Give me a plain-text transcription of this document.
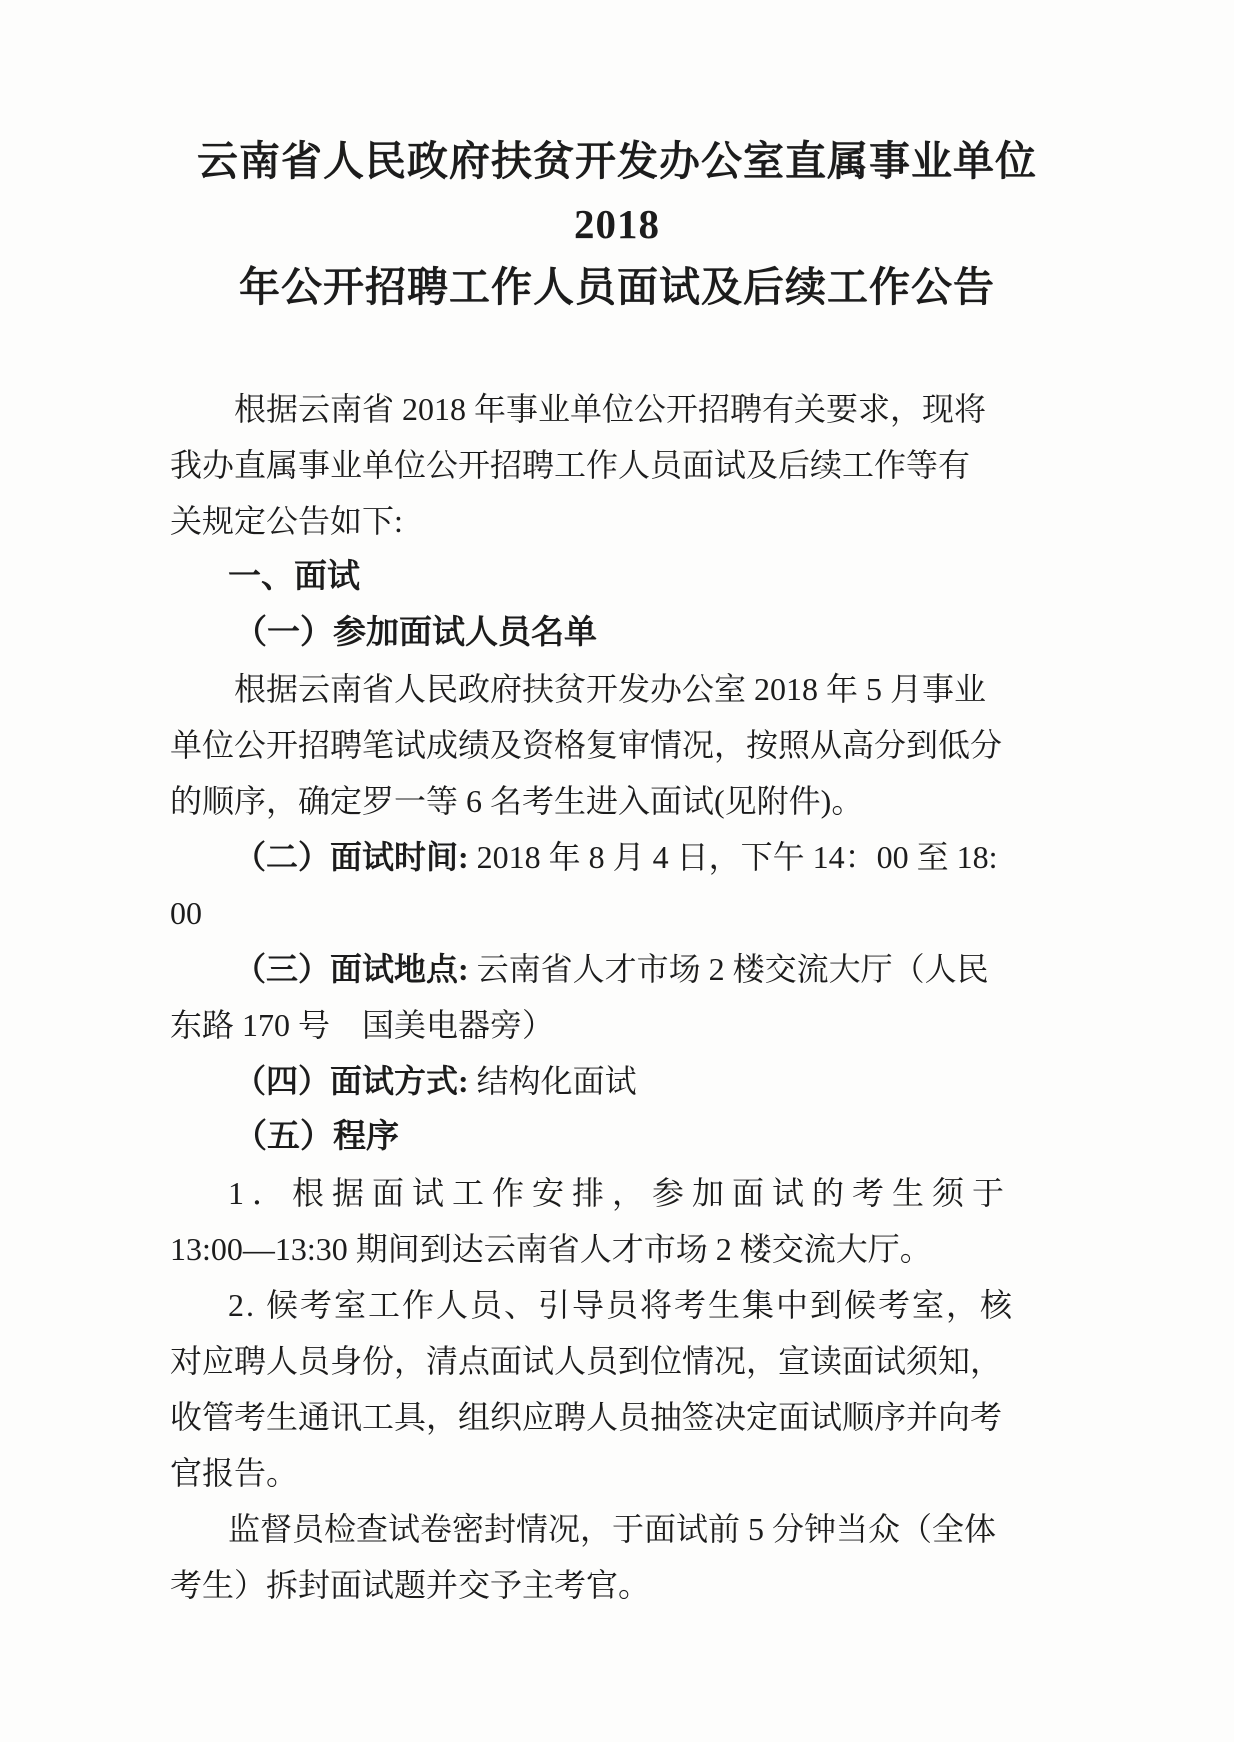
云南省人民政府扶贫开发办公室直属事业单位 2018
年公开招聘工作人员面试及后续工作公告
根据云南省 2018 年事业单位公开招聘有关要求，现将
我办直属事业单位公开招聘工作人员面试及后续工作等有
关规定公告如下:
一、面试
（一）参加面试人员名单
根据云南省人民政府扶贫开发办公室 2018 年 5 月事业
单位公开招聘笔试成绩及资格复审情况，按照从高分到低分
的顺序，确定罗一等 6 名考生进入面试(见附件)。
（二）面试时间: 2018 年 8 月 4 日，下午 14：00 至 18:
00
（三）面试地点: 云南省人才市场 2 楼交流大厅（人民
东路 170 号　国美电器旁）
（四）面试方式: 结构化面试
（五）程序
1．根据面试工作安排，参加面试的考生须于
13:00—13:30 期间到达云南省人才市场 2 楼交流大厅。
2. 候考室工作人员、引导员将考生集中到候考室，核
对应聘人员身份，清点面试人员到位情况，宣读面试须知，
收管考生通讯工具，组织应聘人员抽签决定面试顺序并向考
官报告。
监督员检查试卷密封情况，于面试前 5 分钟当众（全体
考生）拆封面试题并交予主考官。
